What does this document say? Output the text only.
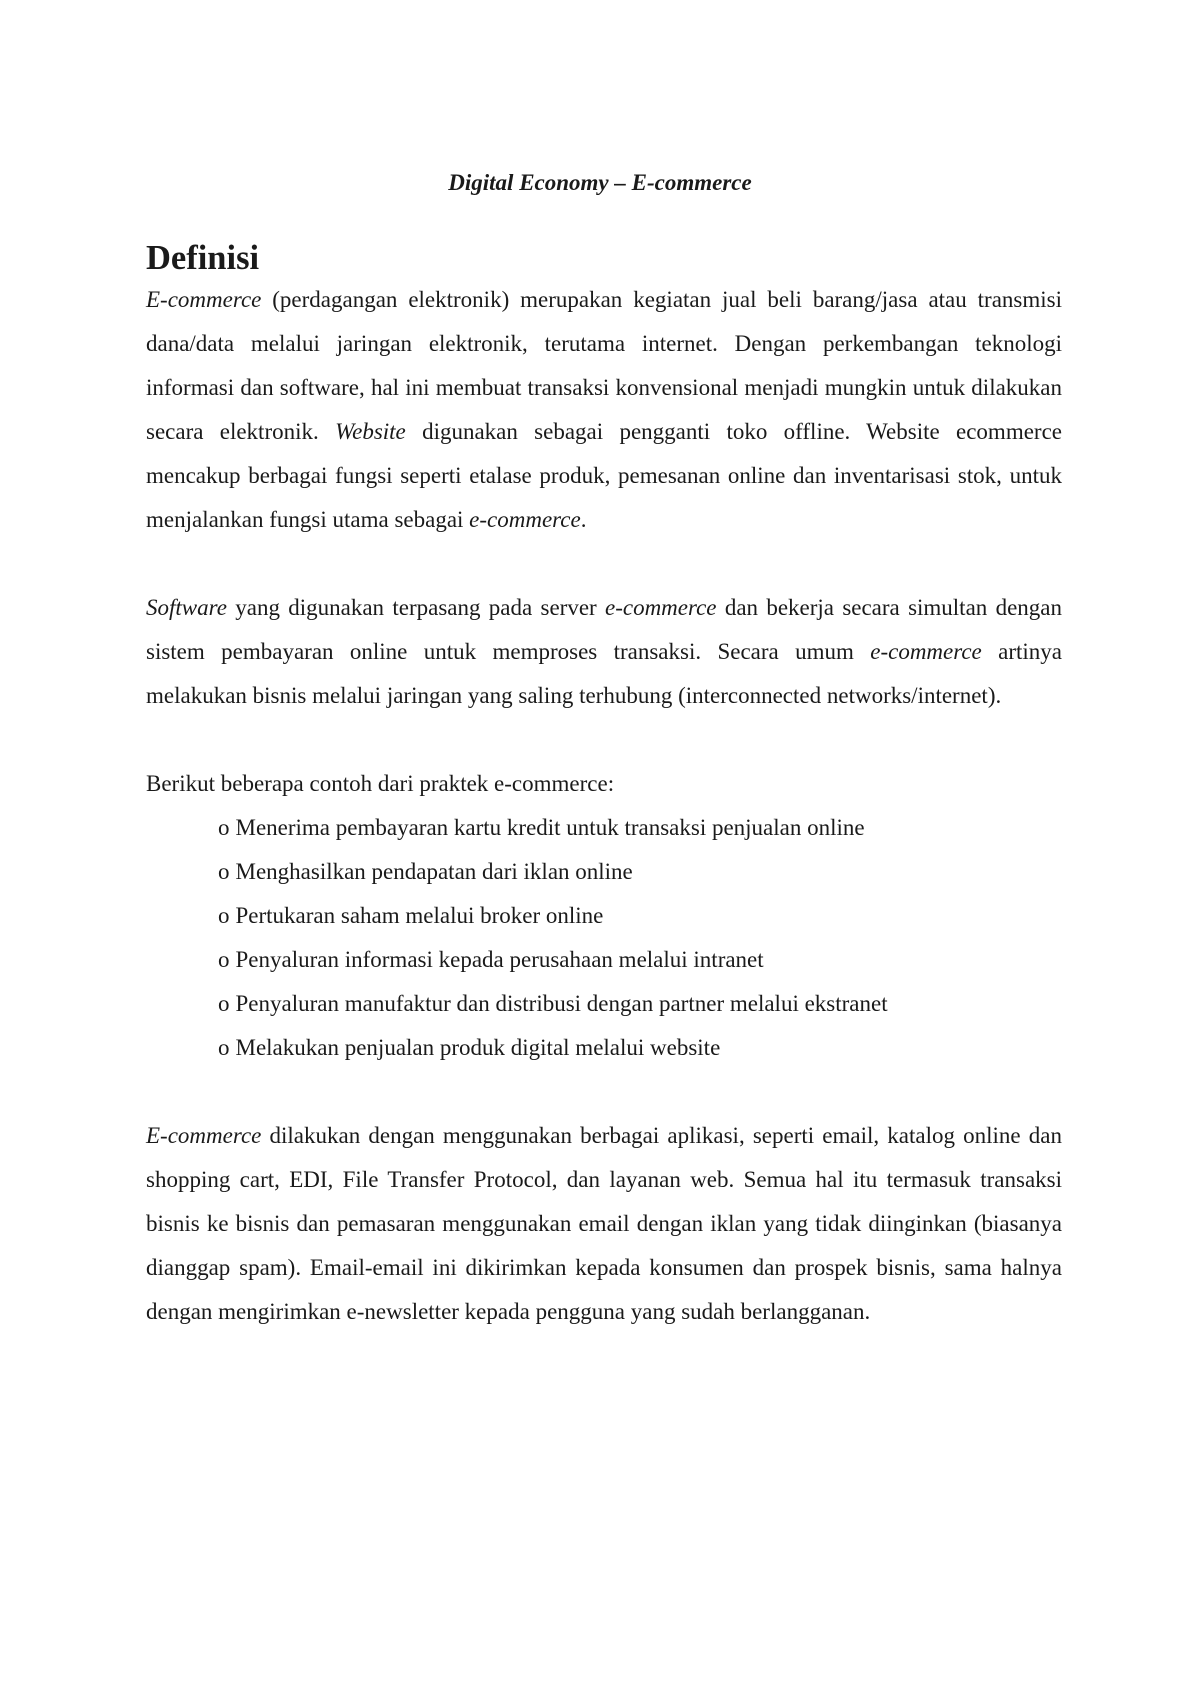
Digital Economy – E-commerce
Definisi

E-commerce (perdagangan elektronik) merupakan kegiatan jual beli barang/jasa atau transmisi dana/data melalui jaringan elektronik, terutama internet. Dengan perkembangan teknologi informasi dan software, hal ini membuat transaksi konvensional menjadi mungkin untuk dilakukan secara elektronik. Website digunakan sebagai pengganti toko offline. Website ecommerce mencakup berbagai fungsi seperti etalase produk, pemesanan online dan inventarisasi stok, untuk menjalankan fungsi utama sebagai e-commerce.

Software yang digunakan terpasang pada server e-commerce dan bekerja secara simultan dengan sistem pembayaran online untuk memproses transaksi. Secara umum e-commerce artinya melakukan bisnis melalui jaringan yang saling terhubung (interconnected networks/internet).

Berikut beberapa contoh dari praktek e-commerce:

o Menerima pembayaran kartu kredit untuk transaksi penjualan online
o Menghasilkan pendapatan dari iklan online
o Pertukaran saham melalui broker online
o Penyaluran informasi kepada perusahaan melalui intranet
o Penyaluran manufaktur dan distribusi dengan partner melalui ekstranet
o Melakukan penjualan produk digital melalui website

E-commerce dilakukan dengan menggunakan berbagai aplikasi, seperti email, katalog online dan shopping cart, EDI, File Transfer Protocol, dan layanan web. Semua hal itu termasuk transaksi bisnis ke bisnis dan pemasaran menggunakan email dengan iklan yang tidak diinginkan (biasanya dianggap spam). Email-email ini dikirimkan kepada konsumen dan prospek bisnis, sama halnya dengan mengirimkan e-newsletter kepada pengguna yang sudah berlangganan.
